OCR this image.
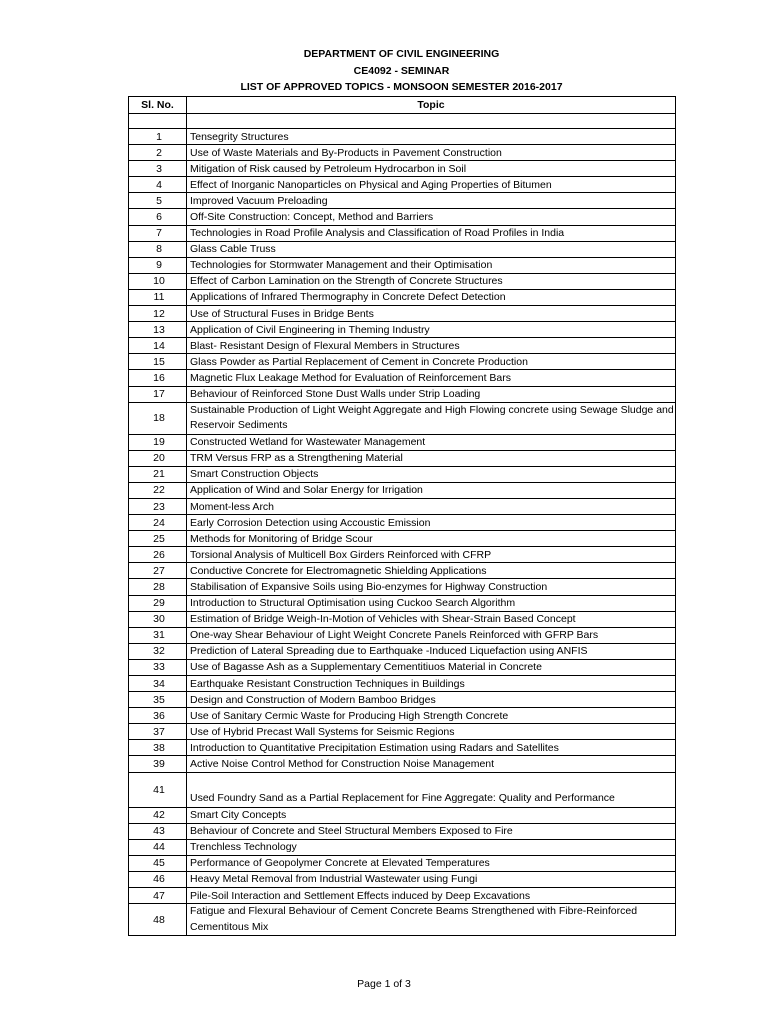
DEPARTMENT OF CIVIL ENGINEERING
CE4092 - SEMINAR
LIST OF APPROVED TOPICS - MONSOON SEMESTER 2016-2017
Sl. No.	Topic

1	Tensegrity Structures
2	Use of Waste Materials and By-Products in Pavement Construction
3	Mitigation of Risk caused by Petroleum Hydrocarbon in Soil
4	Effect of Inorganic Nanoparticles on Physical and Aging Properties of Bitumen
5	Improved Vacuum Preloading
6	Off-Site Construction: Concept, Method and Barriers
7	Technologies in Road Profile Analysis and Classification of Road Profiles in India
8	Glass Cable Truss
9	Technologies for Stormwater Management and their Optimisation
10	Effect of Carbon Lamination on the Strength of Concrete Structures
11	Applications of Infrared Thermography in Concrete Defect Detection
12	Use of Structural Fuses in Bridge Bents
13	Application of Civil Engineering in Theming Industry
14	Blast- Resistant Design of Flexural Members in Structures
15	Glass Powder as Partial Replacement of Cement in Concrete Production
16	Magnetic Flux Leakage Method for Evaluation of Reinforcement Bars
17	Behaviour of Reinforced Stone Dust Walls under Strip Loading
18	Sustainable Production of Light Weight Aggregate and High Flowing concrete using Sewage Sludge and Reservoir Sediments
19	Constructed Wetland for Wastewater Management
20	TRM Versus FRP as a Strengthening Material
21	Smart Construction Objects
22	Application of Wind and Solar Energy for Irrigation
23	Moment-less Arch
24	Early Corrosion Detection using Accoustic Emission
25	Methods for Monitoring of Bridge Scour
26	Torsional Analysis of Multicell Box Girders Reinforced with CFRP
27	Conductive Concrete for Electromagnetic Shielding Applications
28	Stabilisation of Expansive Soils using Bio-enzymes for Highway Construction
29	Introduction to Structural Optimisation using Cuckoo Search Algorithm
30	Estimation of Bridge Weigh-In-Motion of Vehicles with Shear-Strain Based Concept
31	One-way Shear Behaviour of Light Weight Concrete Panels Reinforced with GFRP Bars
32	Prediction of Lateral Spreading due to Earthquake -Induced Liquefaction using ANFIS
33	Use of Bagasse Ash as a Supplementary Cementitiuos Material in Concrete
34	Earthquake Resistant Construction Techniques in Buildings
35	Design and Construction of Modern Bamboo Bridges
36	Use of Sanitary Cermic Waste for Producing High Strength Concrete
37	Use of Hybrid Precast Wall Systems for Seismic Regions
38	Introduction to Quantitative Precipitation Estimation using Radars and Satellites
39	Active Noise Control Method for Construction Noise Management
41	Used Foundry Sand as a Partial Replacement for Fine Aggregate: Quality and Performance
42	Smart City Concepts
43	Behaviour of Concrete and Steel Structural Members Exposed to Fire
44	Trenchless Technology
45	Performance of Geopolymer Concrete at Elevated Temperatures
46	Heavy Metal Removal from Industrial Wastewater using Fungi
47	Pile-Soil Interaction and Settlement Effects induced by Deep Excavations
48	Fatigue and Flexural Behaviour of Cement Concrete Beams Strengthened with Fibre-Reinforced Cementitous Mix
Page 1 of 3
